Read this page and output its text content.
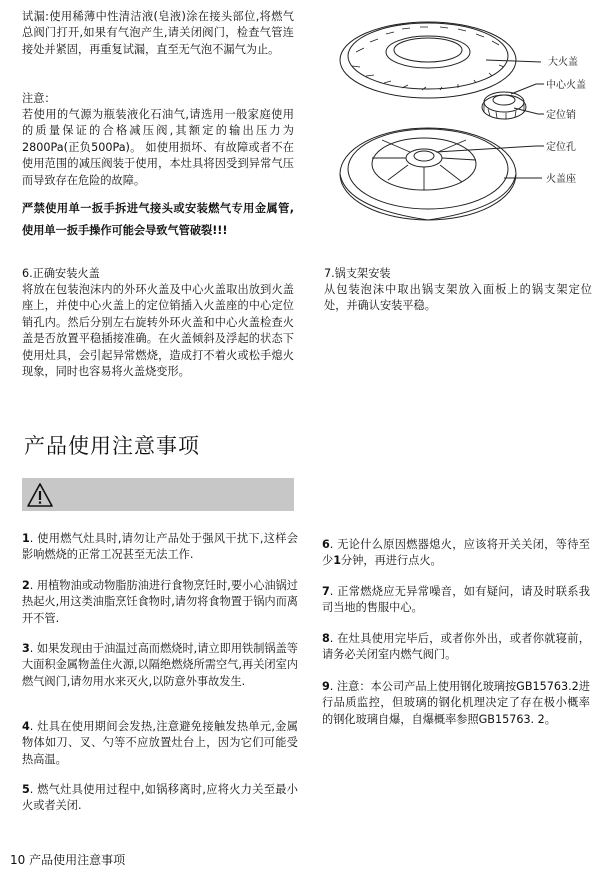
试漏:使用稀薄中性清洁液(皂液)涂在接头部位,将燃气总阀门打开,如果有气泡产生,请关闭阀门，检查气管连接处并紧固，再重复试漏，直至无气泡不漏气为止。
注意：
若使用的气源为瓶装液化石油气,请选用一般家庭使用的质量保证的合格减压阀,其额定的输出压力为2800Pa(正负500Pa)。 如使用损坏、有故障或者不在使用范围的减压阀装于使用，本灶具将因受到异常气压而导致存在危险的故障。
严禁使用单一扳手拆进气接头或安装燃气专用金属管,使用单一扳手操作可能会导致气管破裂!!!
6.正确安装火盖
将放在包装泡沫内的外环火盖及中心火盖取出放到火盖座上，并使中心火盖上的定位销插入火盖座的中心定位销孔内。然后分别左右旋转外环火盖和中心火盖检查火盖是否放置平稳插接准确。在火盖倾斜及浮起的状态下使用灶具，会引起异常燃烧，造成打不着火或松手熄火现象，同时也容易将火盖烧变形。
大火盖
中心火盖
定位销
定位孔
火盖座
7.锅支架安装
从包装泡沫中取出锅支架放入面板上的锅支架定位处，并确认安装平稳。
产品使用注意事项
1. 使用燃气灶具时,请勿让产品处于强风干扰下,这样会影响燃烧的正常工况甚至无法工作.
2. 用植物油或动物脂肪油进行食物烹饪时,要小心油锅过热起火,用这类油脂烹饪食物时,请勿将食物置于锅内而离开不管.
3. 如果发现由于油温过高而燃烧时,请立即用铁制锅盖等大面积金属物盖住火源,以隔绝燃烧所需空气,再关闭室内燃气阀门,请勿用水来灭火,以防意外事故发生.
4. 灶具在使用期间会发热,注意避免接触发热单元,金属物体如刀、叉、勺等不应放置灶台上，因为它们可能受热高温。
5. 燃气灶具使用过程中,如锅移离时,应将火力关至最小火或者关闭.
6. 无论什么原因燃器熄火，应该将开关关闭，等待至少1分钟，再进行点火。
7. 正常燃烧应无异常噪音，如有疑问，请及时联系我司当地的售服中心。
8. 在灶具使用完毕后，或者你外出，或者你就寝前，请务必关闭室内燃气阀门。
9. 注意：本公司产品上使用钢化玻璃按GB15763.2进行品质监控，但玻璃的钢化机理决定了存在极小概率的钢化玻璃自爆，自爆概率参照GB15763. 2。
10 产品使用注意事项
